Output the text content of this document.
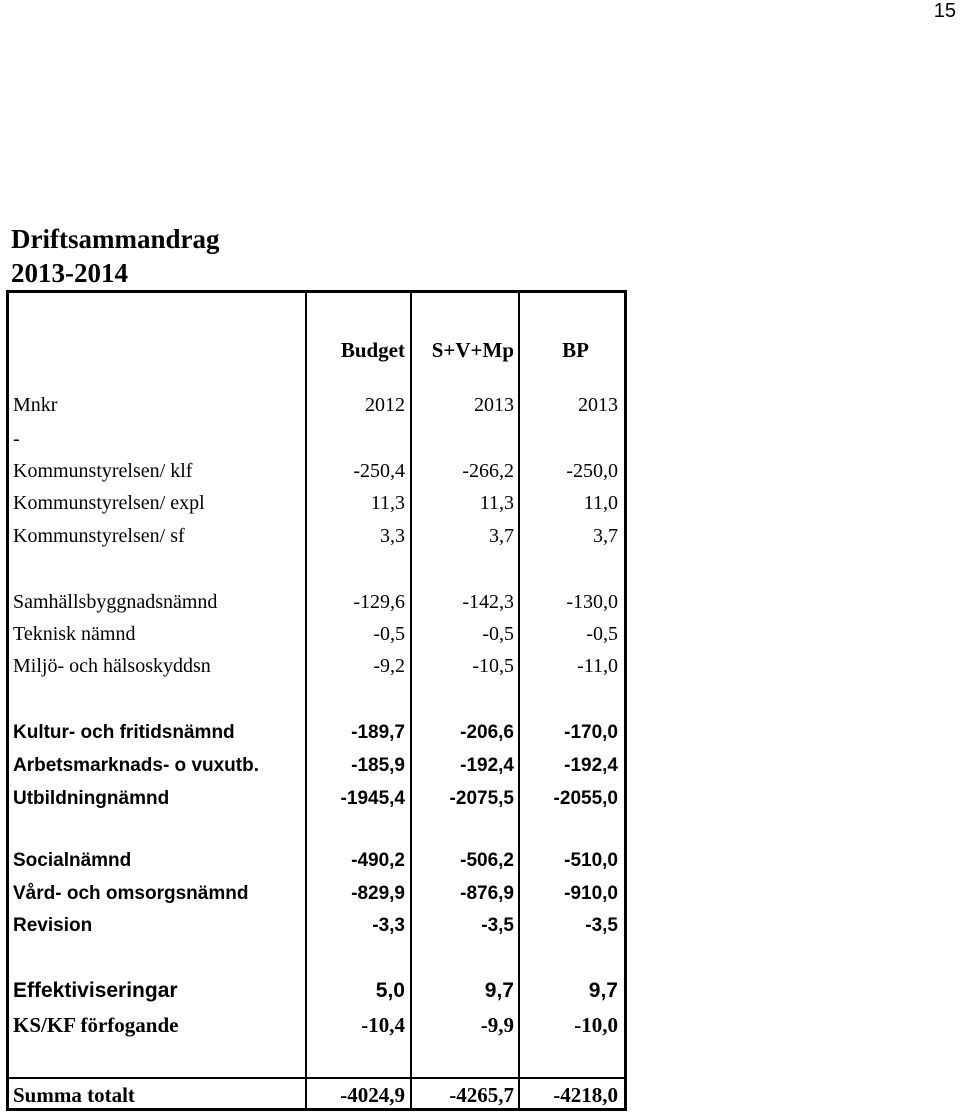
15
Driftsammandrag
2013-2014
Budget S+V+Mp BP
Mnkr	2012	2013	2013
-
Kommunstyrelsen/ klf	-250,4	-266,2	-250,0
Kommunstyrelsen/ expl	11,3	11,3	11,0
Kommunstyrelsen/ sf	3,3	3,7	3,7
Samhällsbyggnadsnämnd	-129,6	-142,3	-130,0
Teknisk nämnd	-0,5	-0,5	-0,5
Miljö- och hälsoskyddsn	-9,2	-10,5	-11,0
Kultur- och fritidsnämnd	-189,7	-206,6	-170,0
Arbetsmarknads- o vuxutb.	-185,9	-192,4	-192,4
Utbildningnämnd	-1945,4 -2075,5 -2055,0
Socialnämnd	-490,2	-506,2	-510,0
Vård- och omsorgsnämnd	-829,9	-876,9	-910,0
Revision	-3,3	-3,5	-3,5
Effektiviseringar	5,0	9,7	9,7
KS/KF förfogande	-10,4	-9,9	-10,0
Summa totalt	-4024,9 -4265,7 -4218,0
